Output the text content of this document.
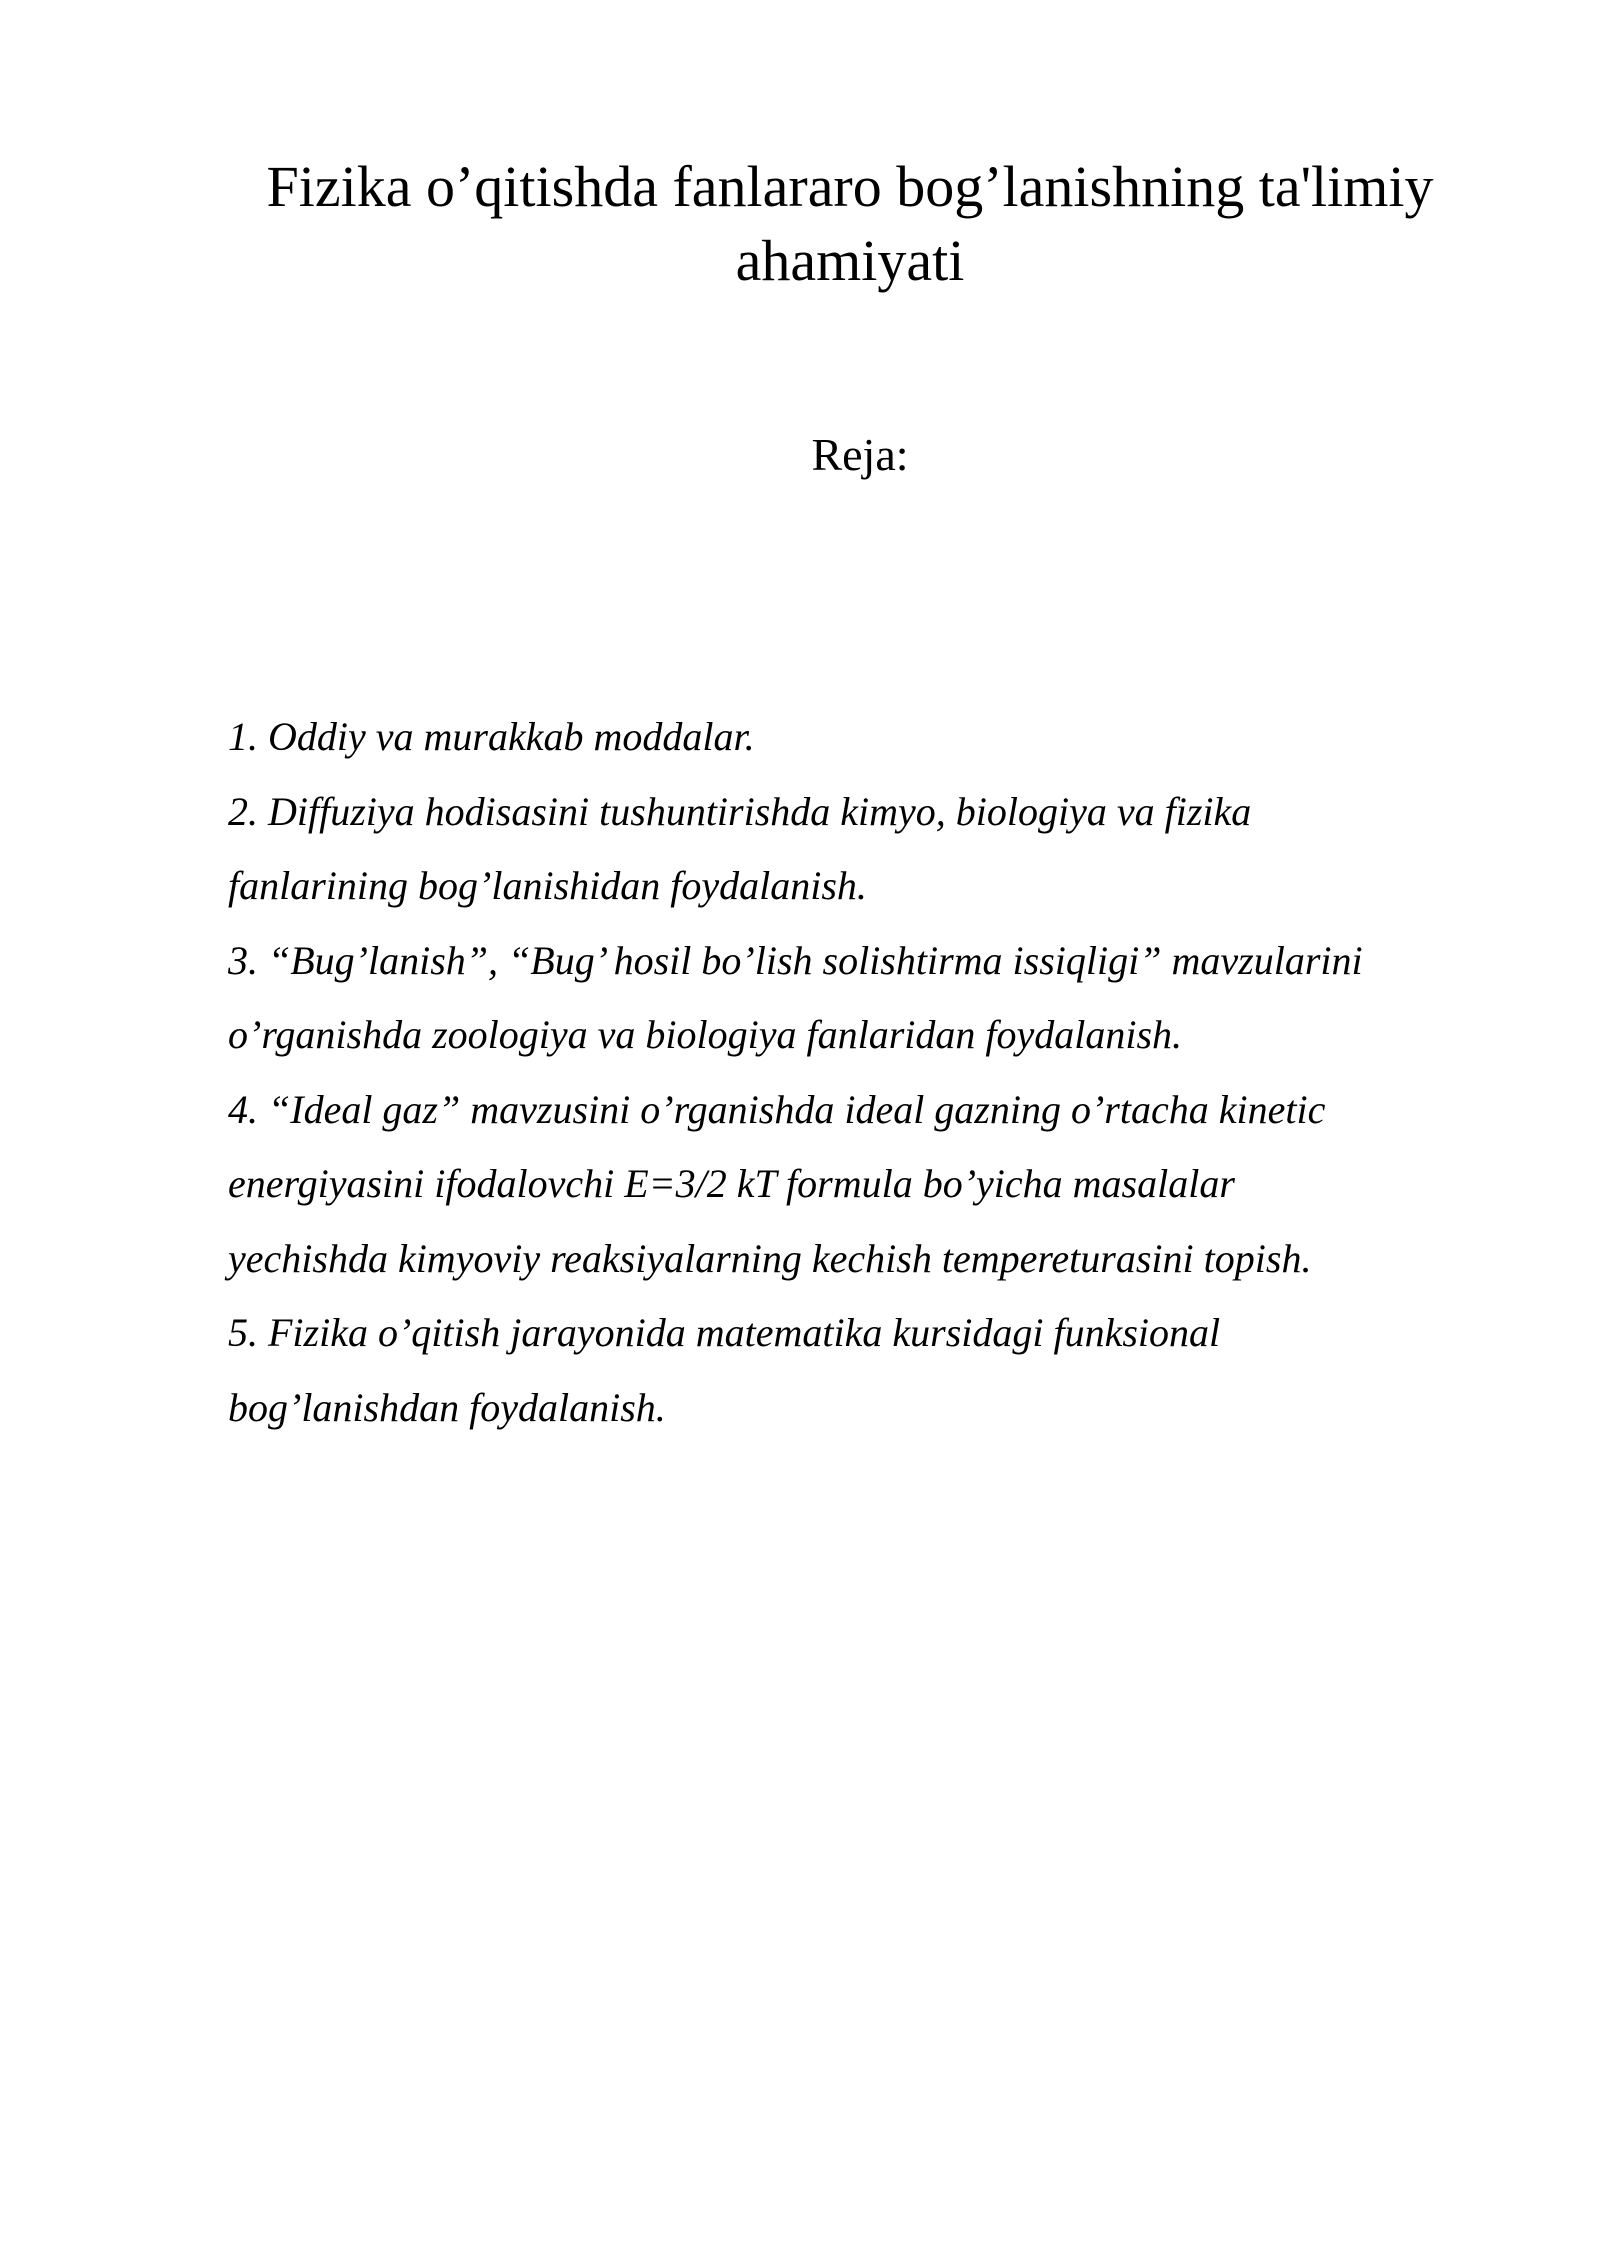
Fizika o’qitishda fanlararo bog’lanishning ta'limiy
ahamiyati
Reja:
1. Oddiy va murakkab moddalar.
2. Diffuziya hodisasini tushuntirishda kimyo, biologiya va fizika
fanlarining bog’lanishidan foydalanish.
3. “Bug’lanish”, “Bug’ hosil bo’lish solishtirma issiqligi” mavzularini
o’rganishda zoologiya va biologiya fanlaridan foydalanish.
4. “Ideal gaz” mavzusini o’rganishda ideal gazning o’rtacha kinetic
energiyasini ifodalovchi E=3/2 kT formula bo’yicha masalalar
yechishda kimyoviy reaksiyalarning kechish tempereturasini topish.
5. Fizika o’qitish jarayonida matematika kursidagi funksional
bog’lanishdan foydalanish.
